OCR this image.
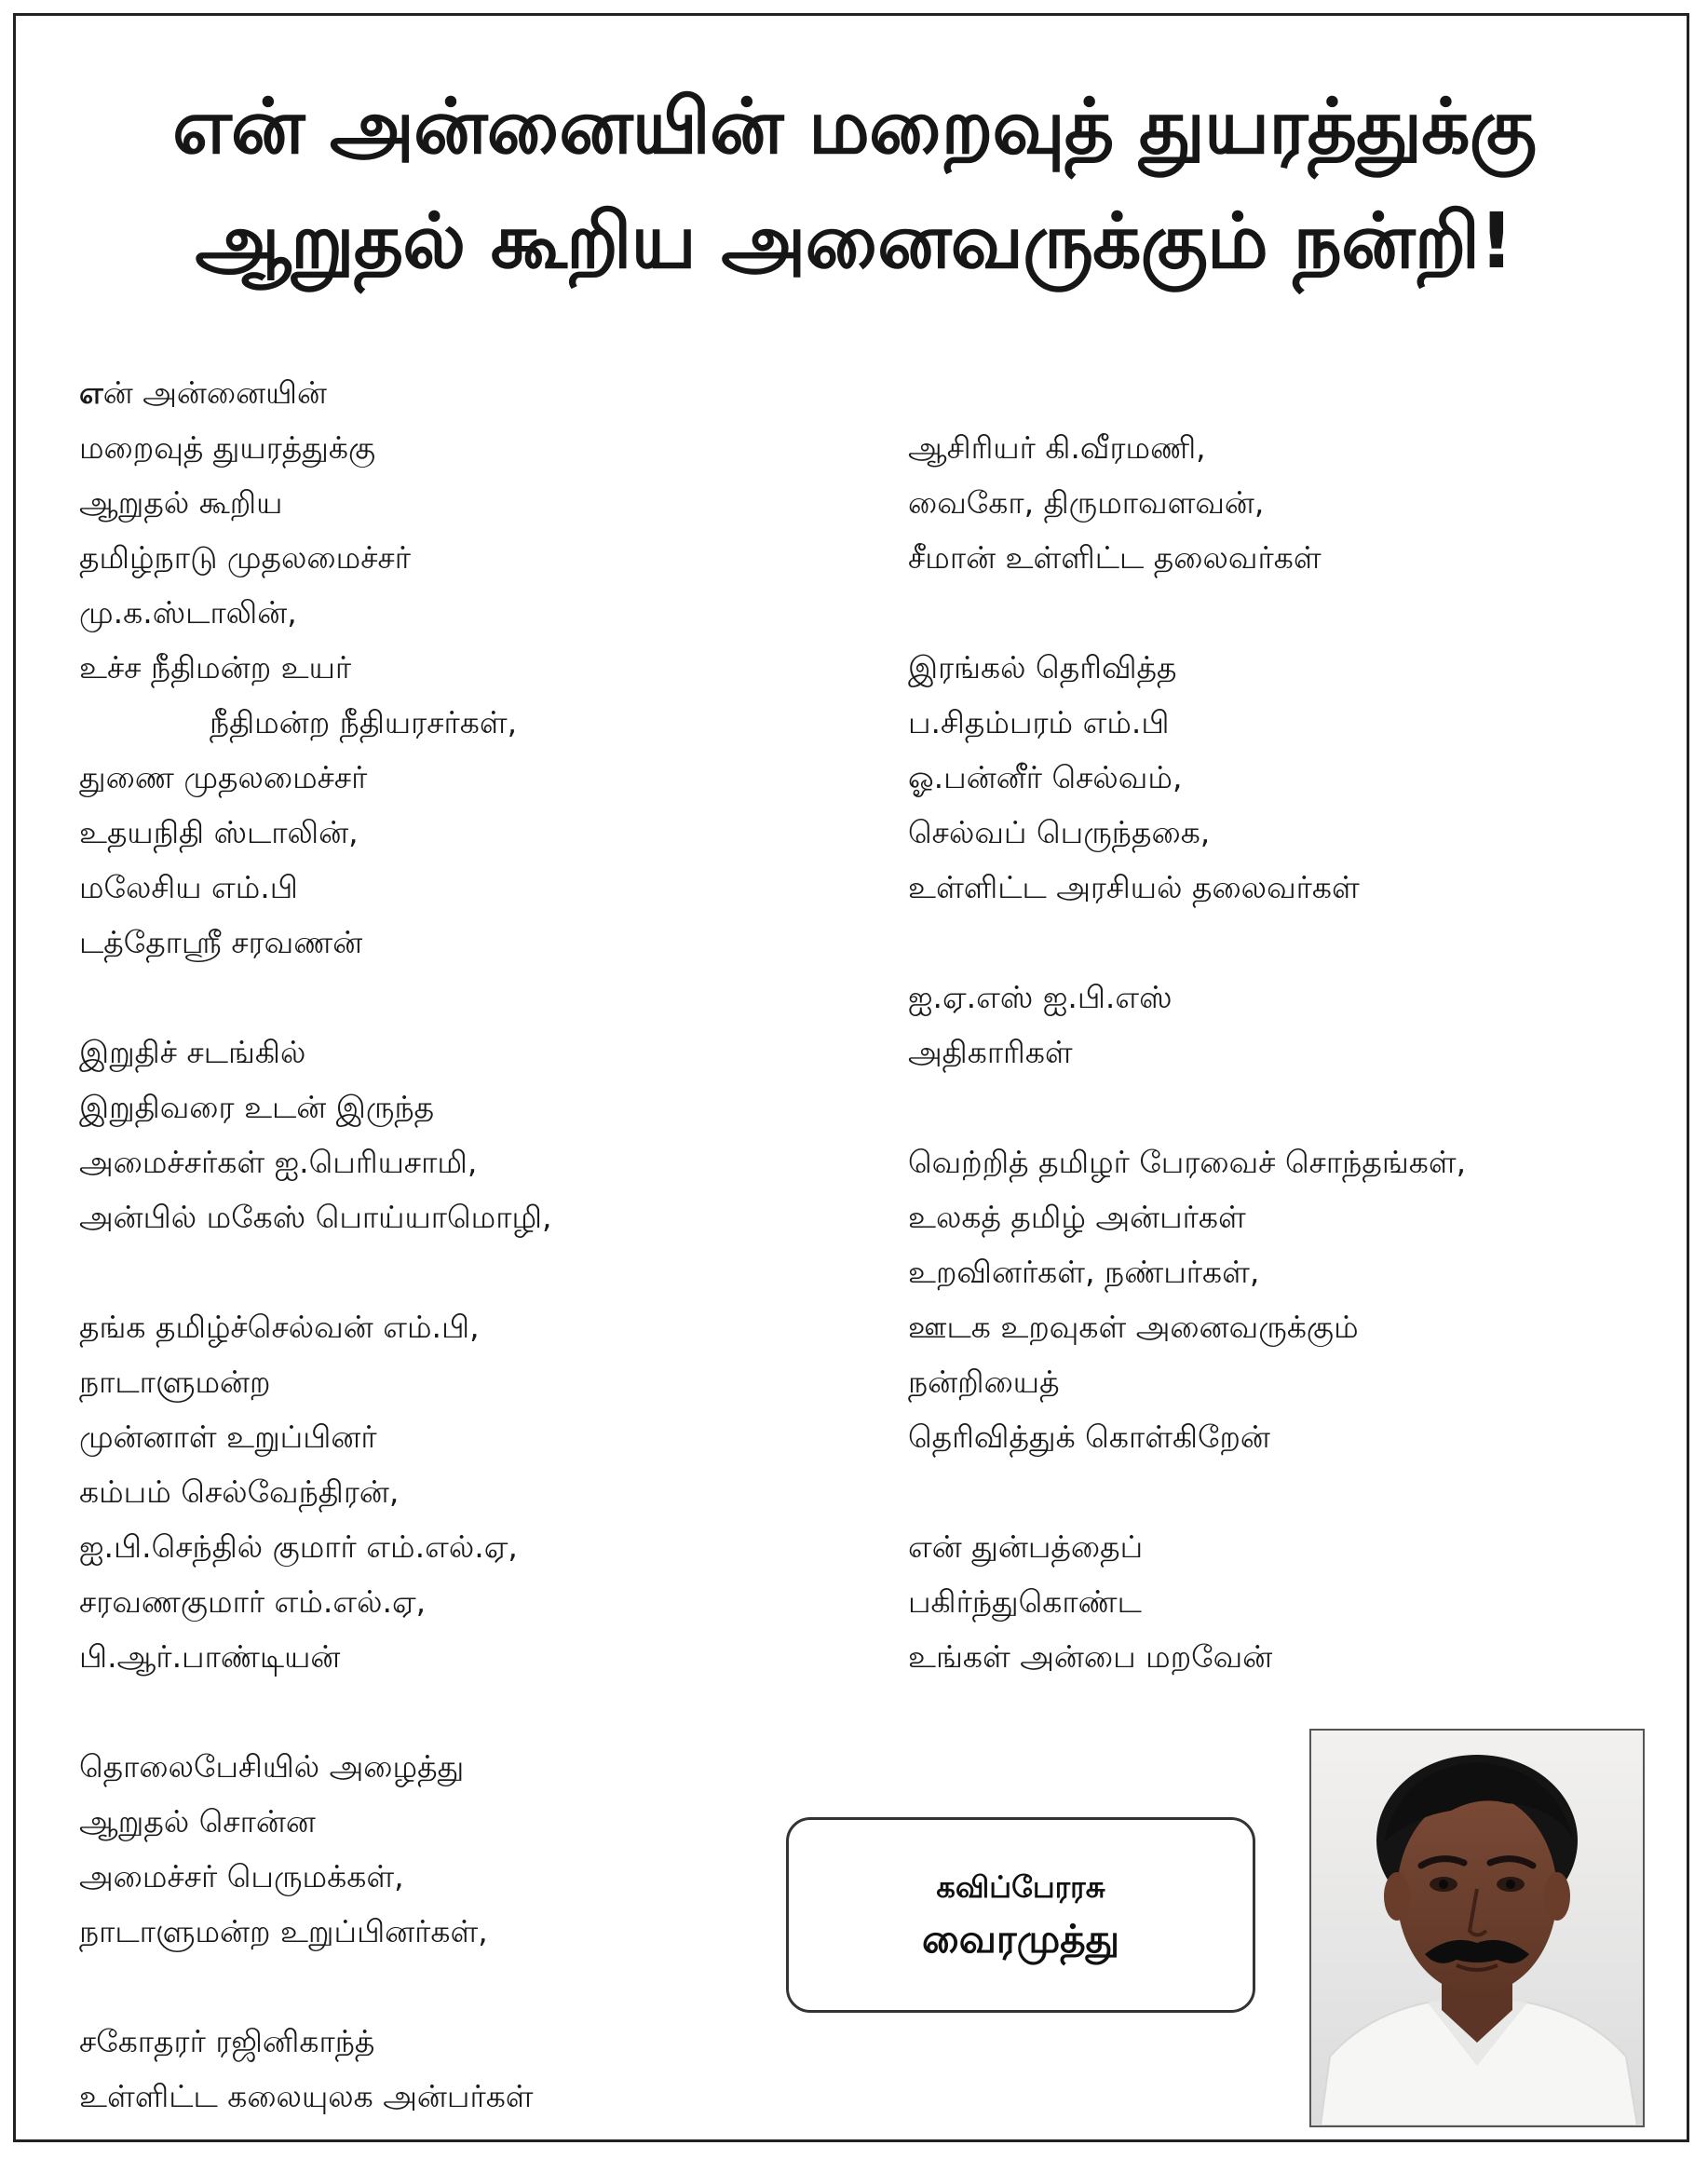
என் அன்னையின் மறைவுத் துயரத்துக்கு
ஆறுதல் கூறிய அனைவருக்கும் நன்றி!
என் அன்னையின்
மறைவுத் துயரத்துக்கு
ஆறுதல் கூறிய
தமிழ்நாடு முதலமைச்சர்
மு.க.ஸ்டாலின்,
உச்ச நீதிமன்ற உயர்
நீதிமன்ற நீதியரசர்கள்,
துணை முதலமைச்சர்
உதயநிதி ஸ்டாலின்,
மலேசிய எம்.பி
டத்தோஸ்ரீ சரவணன்
இறுதிச் சடங்கில்
இறுதிவரை உடன் இருந்த
அமைச்சர்கள் ஐ.பெரியசாமி,
அன்பில் மகேஸ் பொய்யாமொழி,
தங்க தமிழ்ச்செல்வன் எம்.பி,
நாடாளுமன்ற
முன்னாள் உறுப்பினர்
கம்பம் செல்வேந்திரன்,
ஐ.பி.செந்தில் குமார் எம்.எல்.ஏ,
சரவணகுமார் எம்.எல்.ஏ,
பி.ஆர்.பாண்டியன்
தொலைபேசியில் அழைத்து
ஆறுதல் சொன்ன
அமைச்சர் பெருமக்கள்,
நாடாளுமன்ற உறுப்பினர்கள்,
சகோதரர் ரஜினிகாந்த்
உள்ளிட்ட கலையுலக அன்பர்கள்
ஆசிரியர் கி.வீரமணி,
வைகோ, திருமாவளவன்,
சீமான் உள்ளிட்ட தலைவர்கள்
இரங்கல் தெரிவித்த
ப.சிதம்பரம் எம்.பி
ஓ.பன்னீர் செல்வம்,
செல்வப் பெருந்தகை,
உள்ளிட்ட அரசியல் தலைவர்கள்
ஐ.ஏ.எஸ் ஐ.பி.எஸ்
அதிகாரிகள்
வெற்றித் தமிழர் பேரவைச் சொந்தங்கள்,
உலகத் தமிழ் அன்பர்கள்
உறவினர்கள், நண்பர்கள்,
ஊடக உறவுகள் அனைவருக்கும்
நன்றியைத்
தெரிவித்துக் கொள்கிறேன்
என் துன்பத்தைப்
பகிர்ந்துகொண்ட
உங்கள் அன்பை மறவேன்
கவிப்பேரரசு
வைரமுத்து
